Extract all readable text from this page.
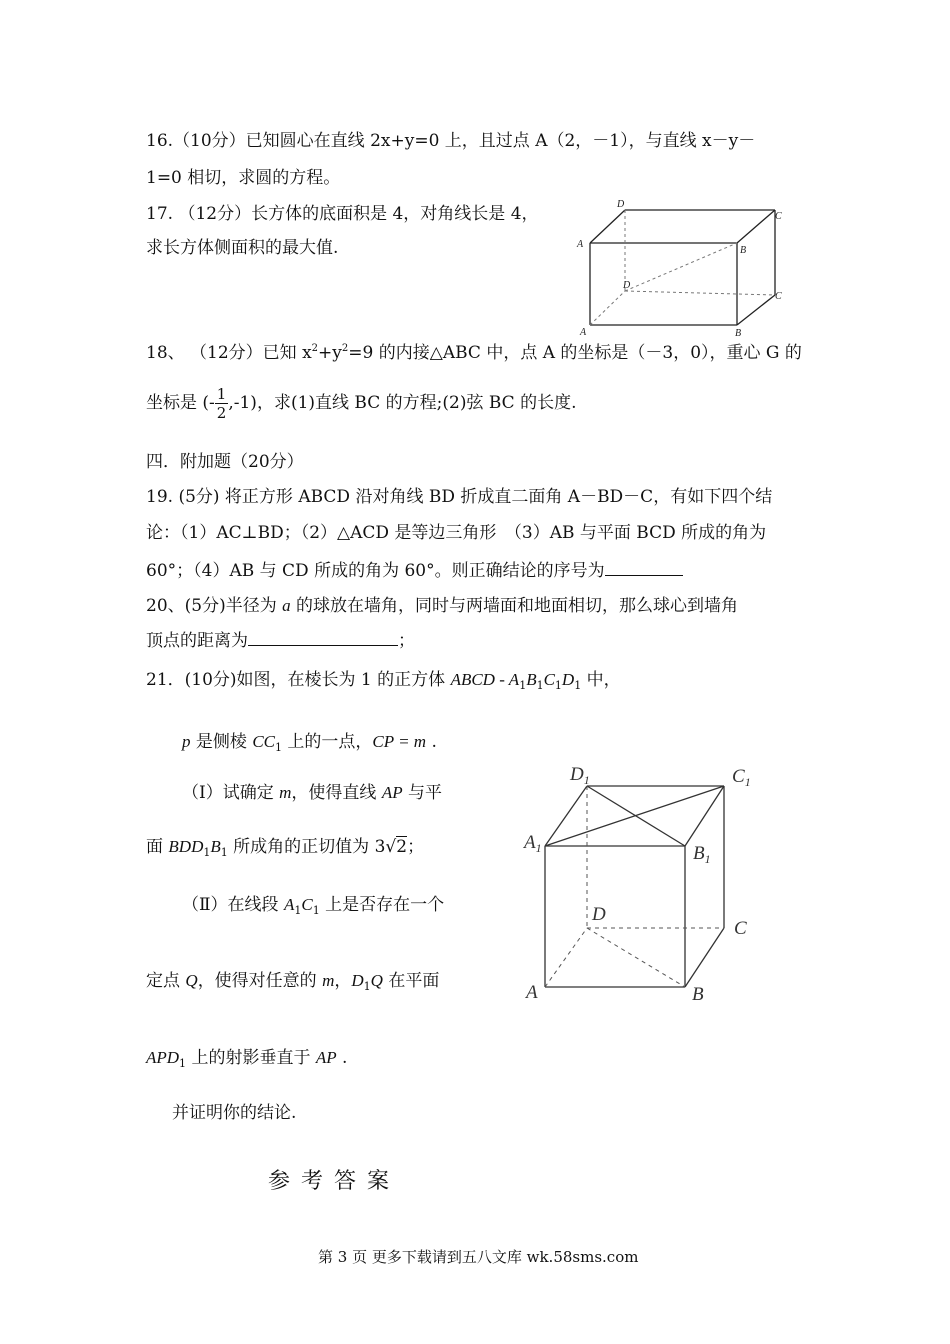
16.（10分）已知圆心在直线 2x+y=0 上，且过点 A（2，－1），与直线 x－y－
1=0 相切，求圆的方程。
17. （12分）长方体的底面积是 4，对角线长是 4，
求长方体侧面积的最大值.
D
C
A
B
D
C
A	B
18、 （12分）已知 $x^2+y^2=9$ 的内接△ABC 中，点 A 的坐标是（－3，0），重心 G 的
坐标是 (- $\frac{1}{2} ,-1$)，求(1)直线 BC 的方程;(2)弦 BC 的长度.
四．附加题（20分）
19. (5分) 将正方形 ABCD 沿对角线 BD 折成直二面角 A－BD－C，有如下四个结
论：（1）AC⊥BD；（2）△ACD 是等边三角形　（3）AB 与平面 BCD 所成的角为
60°；（4）AB 与 CD 所成的角为 60°。则正确结论的序号为
20、(5分)半径为 a 的球放在墙角，同时与两墙面和地面相切，那么球心到墙角
顶点的距离为	；
21．(10分)如图，在棱长为 1 的正方体 ABCD - $A_1B_1C_1D_1$ 中，
p 是侧棱 $CC_1$ 上的一点，CP = m .
（Ⅰ）试确定 m，使得直线 AP 与平
面 $BDD_1B_1$ 所成角的正切值为 3√2；
（Ⅱ）在线段 $A_1C_1$ 上是否存在一个
定点 Q，使得对任意的 m，$D_1Q$ 在平面
$APD_1$ 上的射影垂直于 AP .
并证明你的结论.
$D_1$	$C_1$
$A_1$	$B_1$
D
C
A	B
参 考 答 案
第 3 页 更多下载请到五八文库 wk.58sms.com
